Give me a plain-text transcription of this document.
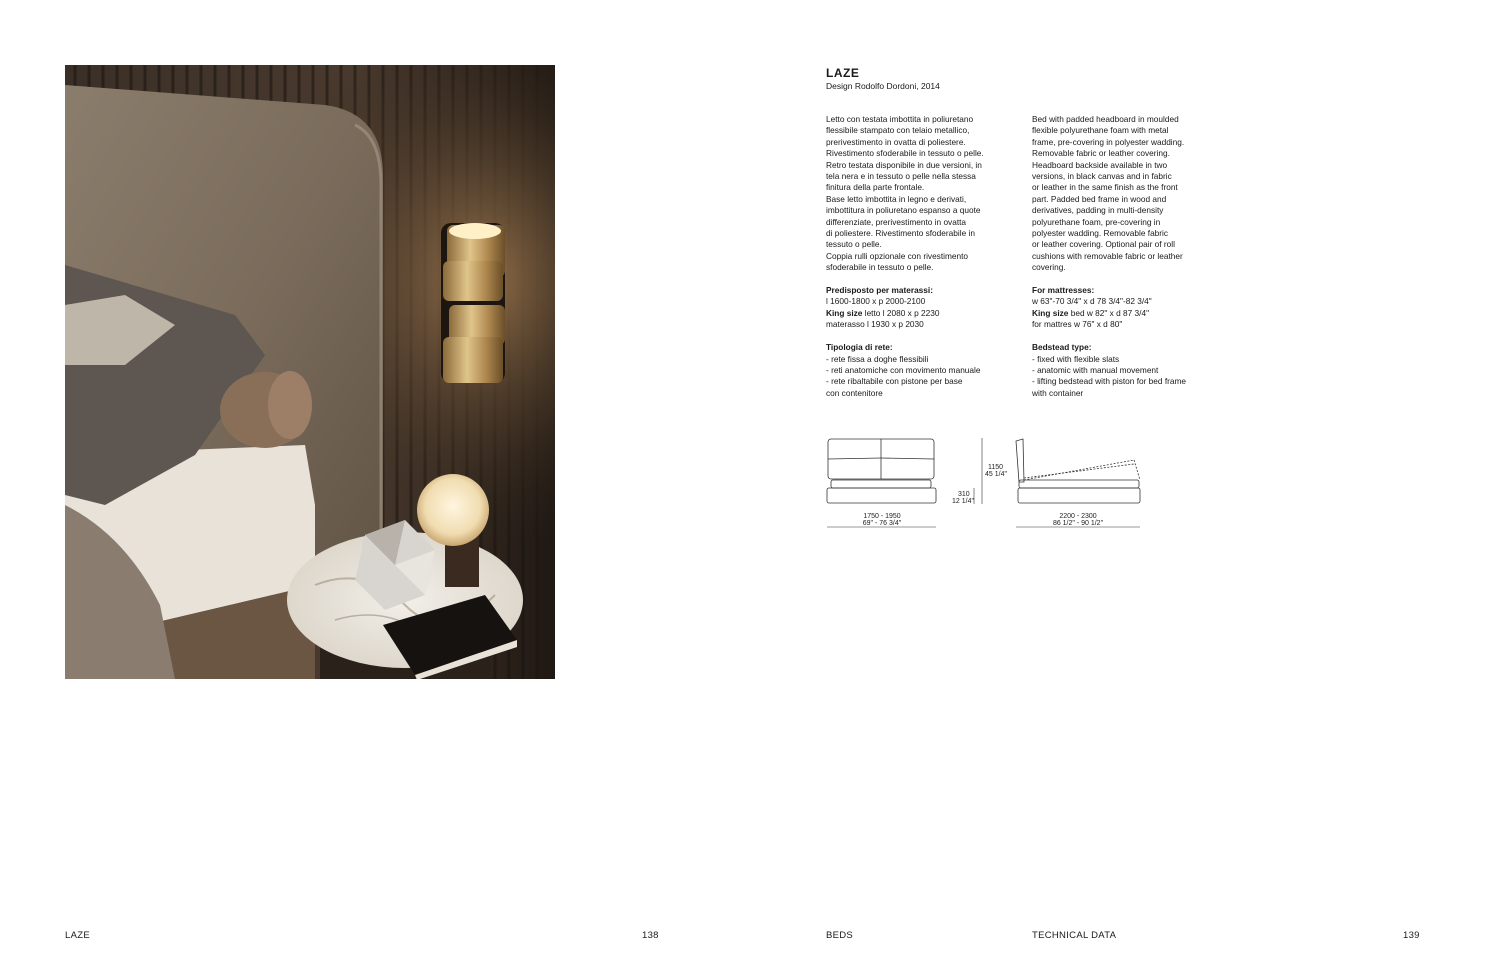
LAZE
Design Rodolfo Dordoni, 2014
Letto con testata imbottita in poliuretano
flessibile stampato con telaio metallico,
prerivestimento in ovatta di poliestere.
Rivestimento sfoderabile in tessuto o pelle.
Retro testata disponibile in due versioni, in
tela nera e in tessuto o pelle nella stessa
finitura della parte frontale.
Base letto imbottita in legno e derivati,
imbottitura in poliuretano espanso a quote
differenziate, prerivestimento in ovatta
di poliestere. Rivestimento sfoderabile in
tessuto o pelle.
Coppia rulli opzionale con rivestimento
sfoderabile in tessuto o pelle.
Predisposto per materassi:
l 1600-1800 x p 2000-2100
King size letto l 2080 x p 2230
materasso l 1930 x p 2030
Tipologia di rete:
- rete fissa a doghe flessibili
- reti anatomiche con movimento manuale
- rete ribaltabile con pistone per base
con contenitore
Bed with padded headboard in moulded
flexible polyurethane foam with metal
frame, pre-covering in polyester wadding.
Removable fabric or leather covering.
Headboard backside available in two
versions, in black canvas and in fabric
or leather in the same finish as the front
part. Padded bed frame in wood and
derivatives, padding in multi-density
polyurethane foam, pre-covering in
polyester wadding. Removable fabric
or leather covering. Optional pair of roll
cushions with removable fabric or leather
covering.
For mattresses:
w 63"-70 3/4" x d 78 3/4"-82 3/4"
King size bed w 82" x d 87 3/4"
for mattres w 76" x d 80"
Bedstead type:
- fixed with flexible slats
- anatomic with manual movement
- lifting bedstead with piston for bed frame
with container
1750 - 1950
69" - 76 3/4"
310
12 1/4"
1150
45 1/4"
2200 - 2300
86 1/2" - 90 1/2"
LAZE	138	BEDS	TECHNICAL DATA	139
